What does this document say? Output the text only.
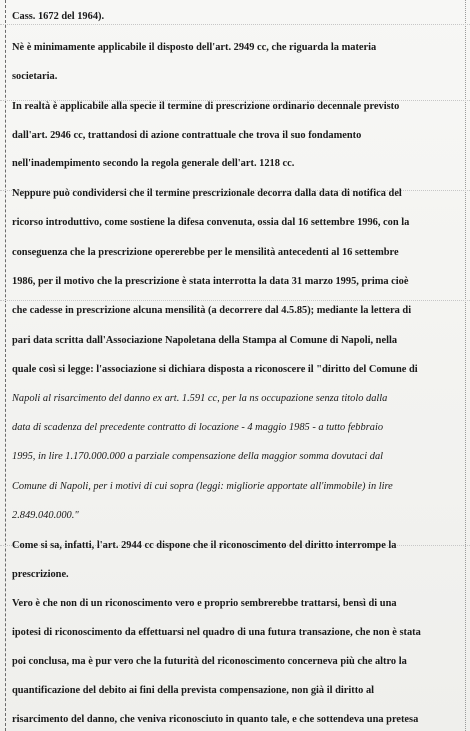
Cass. 1672 del 1964).
Nè è minimamente applicabile il disposto dell'art. 2949 cc, che riguarda la materia
societaria.
In realtà è applicabile alla specie il termine di prescrizione ordinario decennale previsto
dall'art. 2946 cc, trattandosi di azione contrattuale che trova il suo fondamento
nell'inadempimento secondo la regola generale dell'art. 1218 cc.
Neppure può condividersi che il termine prescrizionale decorra dalla data di notifica del
ricorso introduttivo, come sostiene la difesa convenuta, ossia dal 16 settembre 1996, con la
conseguenza che la prescrizione opererebbe per le mensilità antecedenti al 16 settembre
1986, per il motivo che la prescrizione è stata interrotta la data 31 marzo 1995, prima cioè
che cadesse in prescrizione alcuna mensilità (a decorrere dal 4.5.85); mediante la lettera di
pari data scritta dall'Associazione Napoletana della Stampa al Comune di Napoli, nella
quale così si legge: l'associazione si dichiara disposta a riconoscere il "diritto del Comune di
Napoli al risarcimento del danno ex art. 1.591 cc, per la ns occupazione senza titolo dalla
data di scadenza del precedente contratto di locazione - 4 maggio 1985 - a tutto febbraio
1995, in lire 1.170.000.000 a parziale compensazione della maggior somma dovutaci dal
Comune di Napoli, per i motivi di cui sopra (leggi: migliorie apportate all'immobile) in lire
2.849.040.000."
Come si sa, infatti, l'art. 2944 cc dispone che il riconoscimento del diritto interrompe la
prescrizione.
Vero è che non di un riconoscimento vero e proprio sembrerebbe trattarsi, bensì di una
ipotesi di riconoscimento da effettuarsi nel quadro di una futura transazione, che non è stata
poi conclusa, ma è pur vero che la futurità del riconoscimento concerneva più che altro la
quantificazione del debito ai fini della prevista compensazione, non già il diritto al
risarcimento del danno, che veniva riconosciuto in quanto tale, e che sottendeva una pretesa
